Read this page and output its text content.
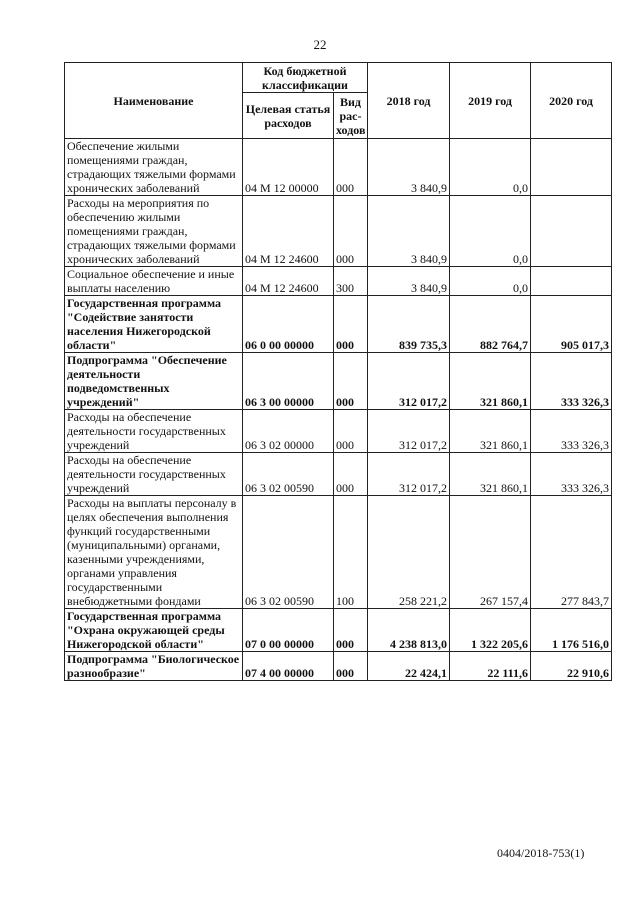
22
Наименование	Код бюджетной классификации		2018 год	2019 год	2020 год
	Целевая статья расходов	Вид рас-ходов			
Обеспечение жилыми помещениями граждан, страдающих тяжелыми формами хронических заболеваний	04 М 12 00000	000	3 840,9	0,0	
Расходы на мероприятия по обеспечению жилыми помещениями граждан, страдающих тяжелыми формами хронических заболеваний	04 М 12 24600	000	3 840,9	0,0	
Социальное обеспечение и иные выплаты населению	04 М 12 24600	300	3 840,9	0,0	
Государственная программа "Содействие занятости населения Нижегородской области"	06 0 00 00000	000	839 735,3	882 764,7	905 017,3
Подпрограмма "Обеспечение деятельности подведомственных учреждений"	06 3 00 00000	000	312 017,2	321 860,1	333 326,3
Расходы на обеспечение деятельности государственных учреждений	06 3 02 00000	000	312 017,2	321 860,1	333 326,3
Расходы на обеспечение деятельности государственных учреждений	06 3 02 00590	000	312 017,2	321 860,1	333 326,3
Расходы на выплаты персоналу в целях обеспечения выполнения функций государственными (муниципальными) органами, казенными учреждениями, органами управления государственными внебюджетными фондами	06 3 02 00590	100	258 221,2	267 157,4	277 843,7
Государственная программа "Охрана окружающей среды Нижегородской области"	07 0 00 00000	000	4 238 813,0	1 322 205,6	1 176 516,0
Подпрограмма "Биологическое разнообразие"	07 4 00 00000	000	22 424,1	22 111,6	22 910,6
0404/2018-753(1)
